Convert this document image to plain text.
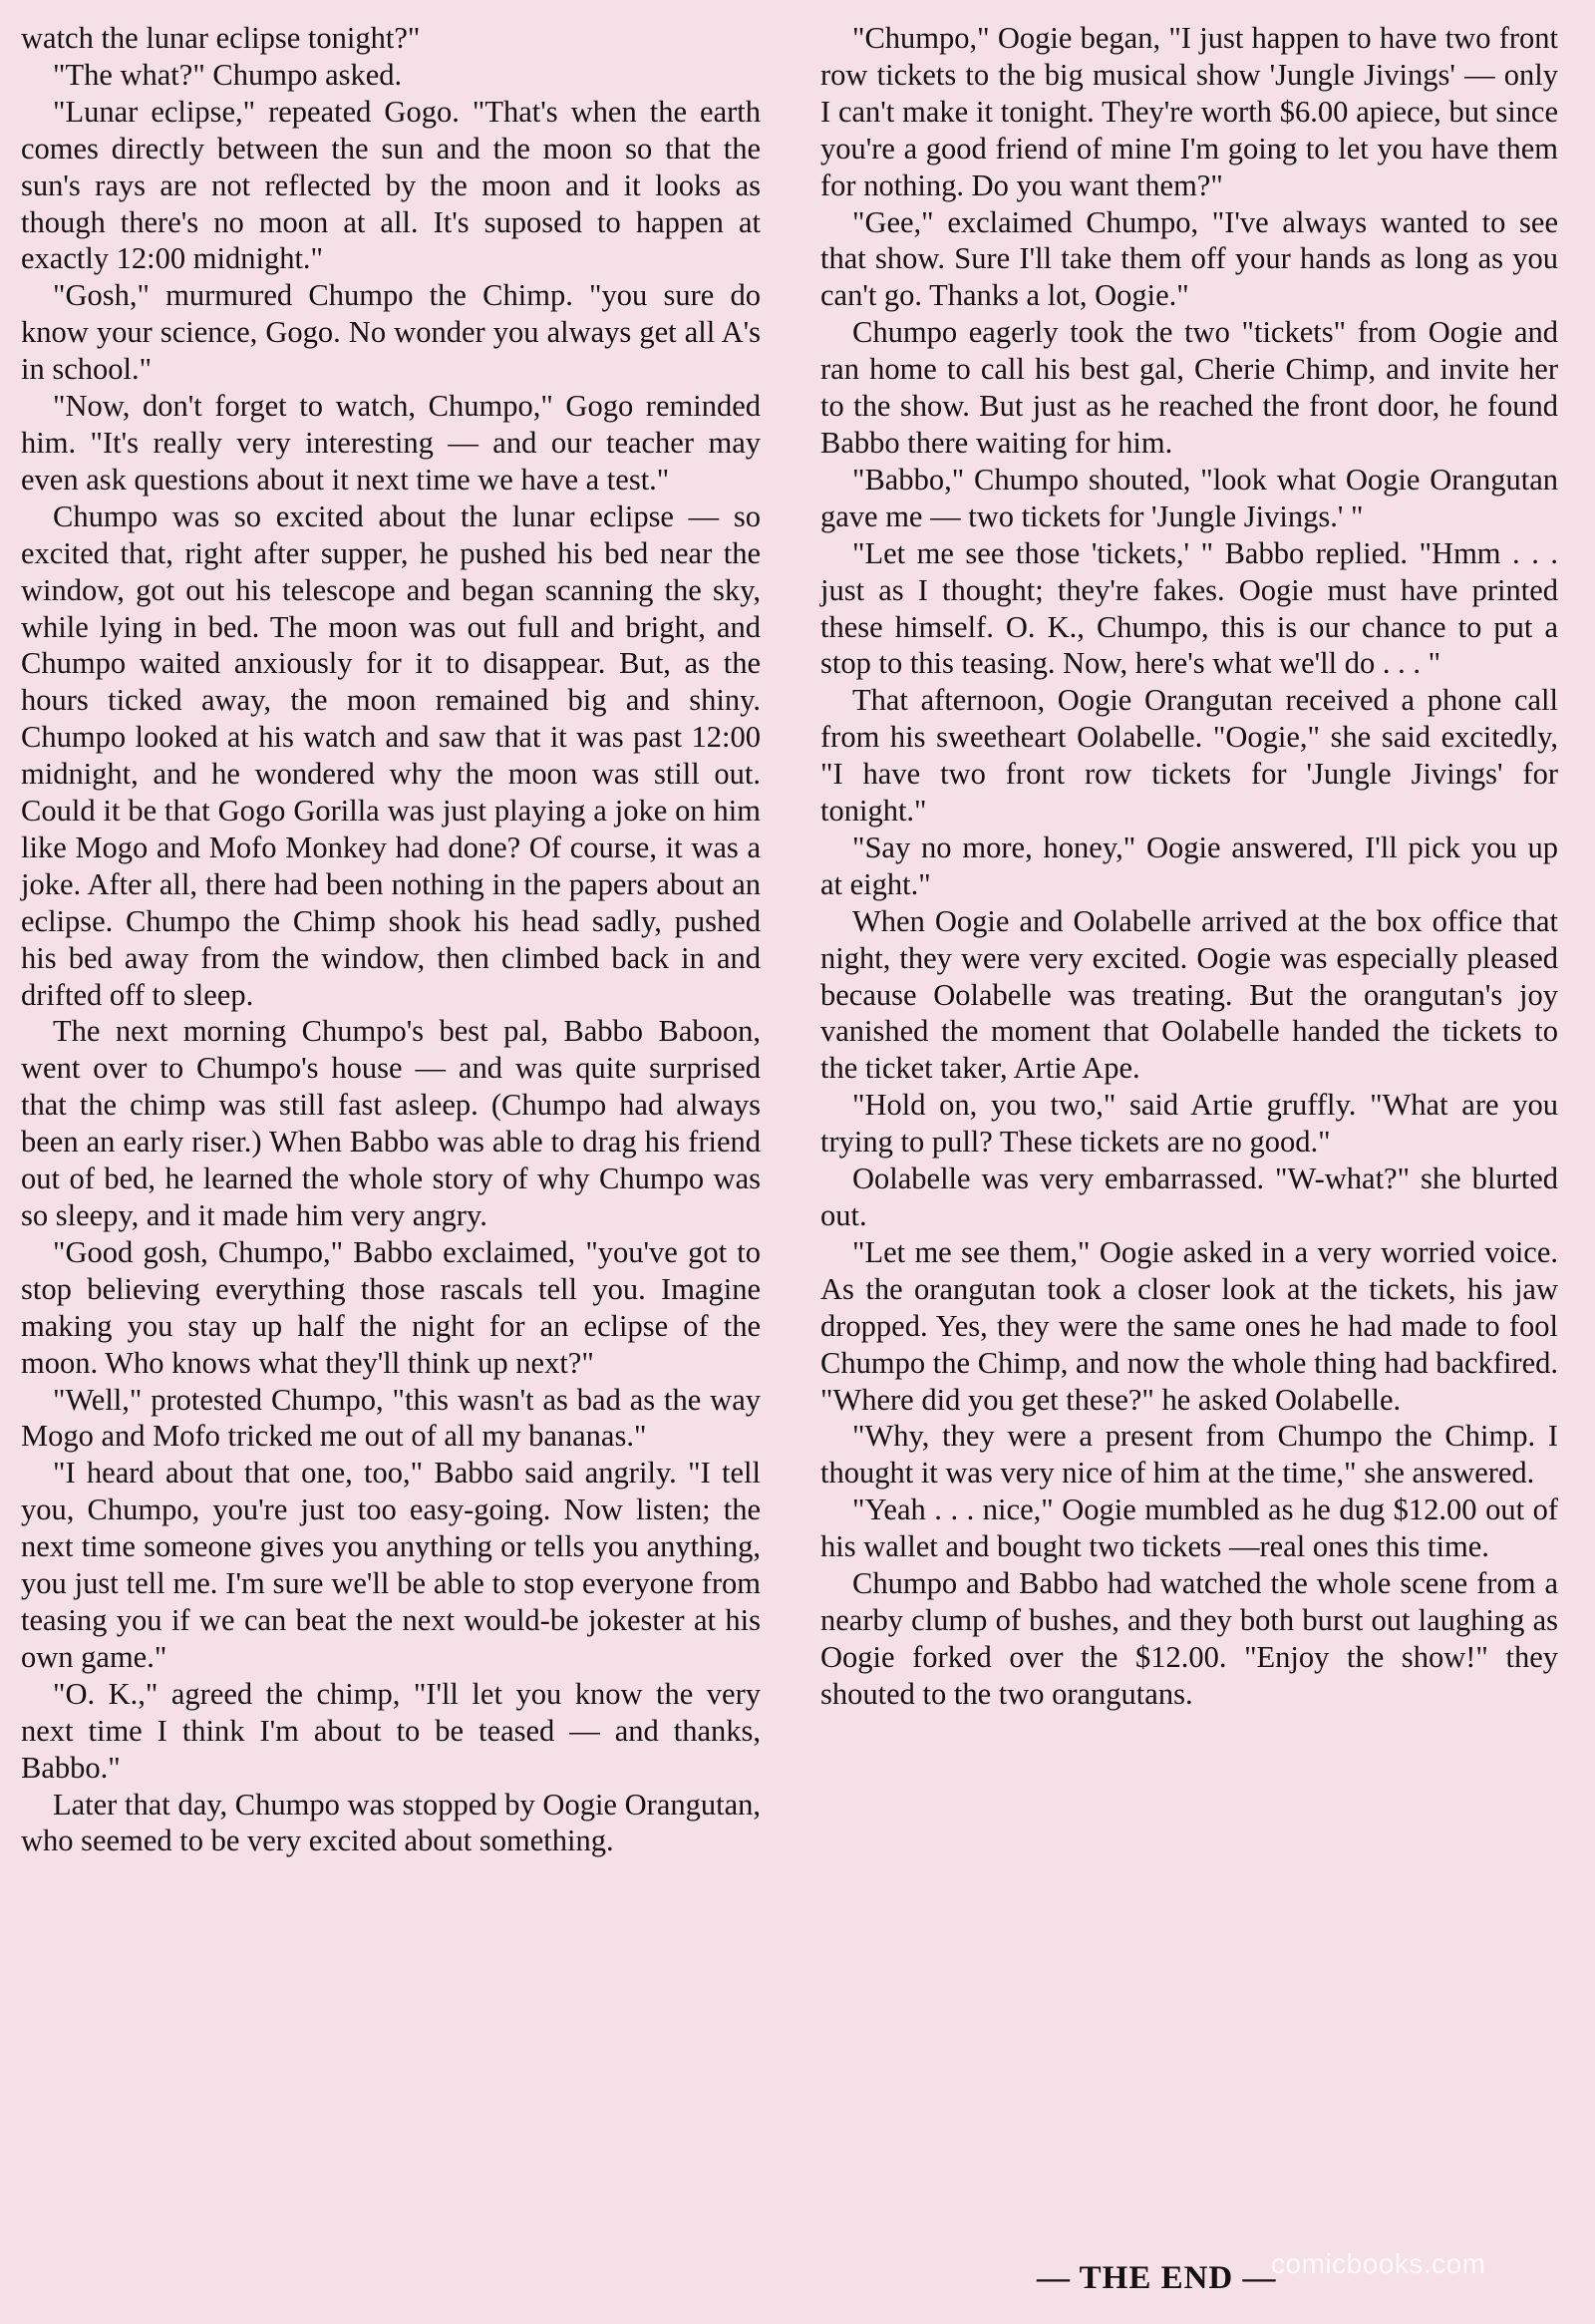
watch the lunar eclipse tonight?"

"The what?" Chumpo asked.

"Lunar eclipse," repeated Gogo. "That's when the earth comes directly between the sun and the moon so that the sun's rays are not reflected by the moon and it looks as though there's no moon at all. It's suposed to happen at exactly 12:00 midnight."

"Gosh," murmured Chumpo the Chimp. "you sure do know your science, Gogo. No wonder you always get all A's in school."

"Now, don't forget to watch, Chumpo," Gogo reminded him. "It's really very interesting — and our teacher may even ask questions about it next time we have a test."

Chumpo was so excited about the lunar eclipse — so excited that, right after supper, he pushed his bed near the window, got out his telescope and began scanning the sky, while lying in bed. The moon was out full and bright, and Chumpo waited anxiously for it to disappear. But, as the hours ticked away, the moon remained big and shiny. Chumpo looked at his watch and saw that it was past 12:00 midnight, and he wondered why the moon was still out. Could it be that Gogo Gorilla was just playing a joke on him like Mogo and Mofo Monkey had done? Of course, it was a joke. After all, there had been nothing in the papers about an eclipse. Chumpo the Chimp shook his head sadly, pushed his bed away from the window, then climbed back in and drifted off to sleep.

The next morning Chumpo's best pal, Babbo Baboon, went over to Chumpo's house — and was quite surprised that the chimp was still fast asleep. (Chumpo had always been an early riser.) When Babbo was able to drag his friend out of bed, he learned the whole story of why Chumpo was so sleepy, and it made him very angry.

"Good gosh, Chumpo," Babbo exclaimed, "you've got to stop believing everything those rascals tell you. Imagine making you stay up half the night for an eclipse of the moon. Who knows what they'll think up next?"

"Well," protested Chumpo, "this wasn't as bad as the way Mogo and Mofo tricked me out of all my bananas."

"I heard about that one, too," Babbo said angrily. "I tell you, Chumpo, you're just too easy-going. Now listen; the next time someone gives you anything or tells you anything, you just tell me. I'm sure we'll be able to stop everyone from teasing you if we can beat the next would-be jokester at his own game."

"O. K.," agreed the chimp, "I'll let you know the very next time I think I'm about to be teased — and thanks, Babbo."

Later that day, Chumpo was stopped by Oogie Orangutan, who seemed to be very excited about something.

"Chumpo," Oogie began, "I just happen to have two front row tickets to the big musical show 'Jungle Jivings' — only I can't make it tonight. They're worth $6.00 apiece, but since you're a good friend of mine I'm going to let you have them for nothing. Do you want them?"

"Gee," exclaimed Chumpo, "I've always wanted to see that show. Sure I'll take them off your hands as long as you can't go. Thanks a lot, Oogie."

Chumpo eagerly took the two "tickets" from Oogie and ran home to call his best gal, Cherie Chimp, and invite her to the show. But just as he reached the front door, he found Babbo there waiting for him.

"Babbo," Chumpo shouted, "look what Oogie Orangutan gave me — two tickets for 'Jungle Jivings.' "

"Let me see those 'tickets,' " Babbo replied. "Hmm . . . just as I thought; they're fakes. Oogie must have printed these himself. O. K., Chumpo, this is our chance to put a stop to this teasing. Now, here's what we'll do . . . "

That afternoon, Oogie Orangutan received a phone call from his sweetheart Oolabelle. "Oogie," she said excitedly, "I have two front row tickets for 'Jungle Jivings' for tonight."

"Say no more, honey," Oogie answered, I'll pick you up at eight."

When Oogie and Oolabelle arrived at the box office that night, they were very excited. Oogie was especially pleased because Oolabelle was treating. But the orangutan's joy vanished the moment that Oolabelle handed the tickets to the ticket taker, Artie Ape.

"Hold on, you two," said Artie gruffly. "What are you trying to pull? These tickets are no good."

Oolabelle was very embarrassed. "W-what?" she blurted out.

"Let me see them," Oogie asked in a very worried voice. As the orangutan took a closer look at the tickets, his jaw dropped. Yes, they were the same ones he had made to fool Chumpo the Chimp, and now the whole thing had backfired. "Where did you get these?" he asked Oolabelle.

"Why, they were a present from Chumpo the Chimp. I thought it was very nice of him at the time," she answered.

"Yeah . . . nice," Oogie mumbled as he dug $12.00 out of his wallet and bought two tickets —real ones this time.

Chumpo and Babbo had watched the whole scene from a nearby clump of bushes, and they both burst out laughing as Oogie forked over the $12.00. "Enjoy the show!" they shouted to the two orangutans.

comicbooks.com
— THE END —
